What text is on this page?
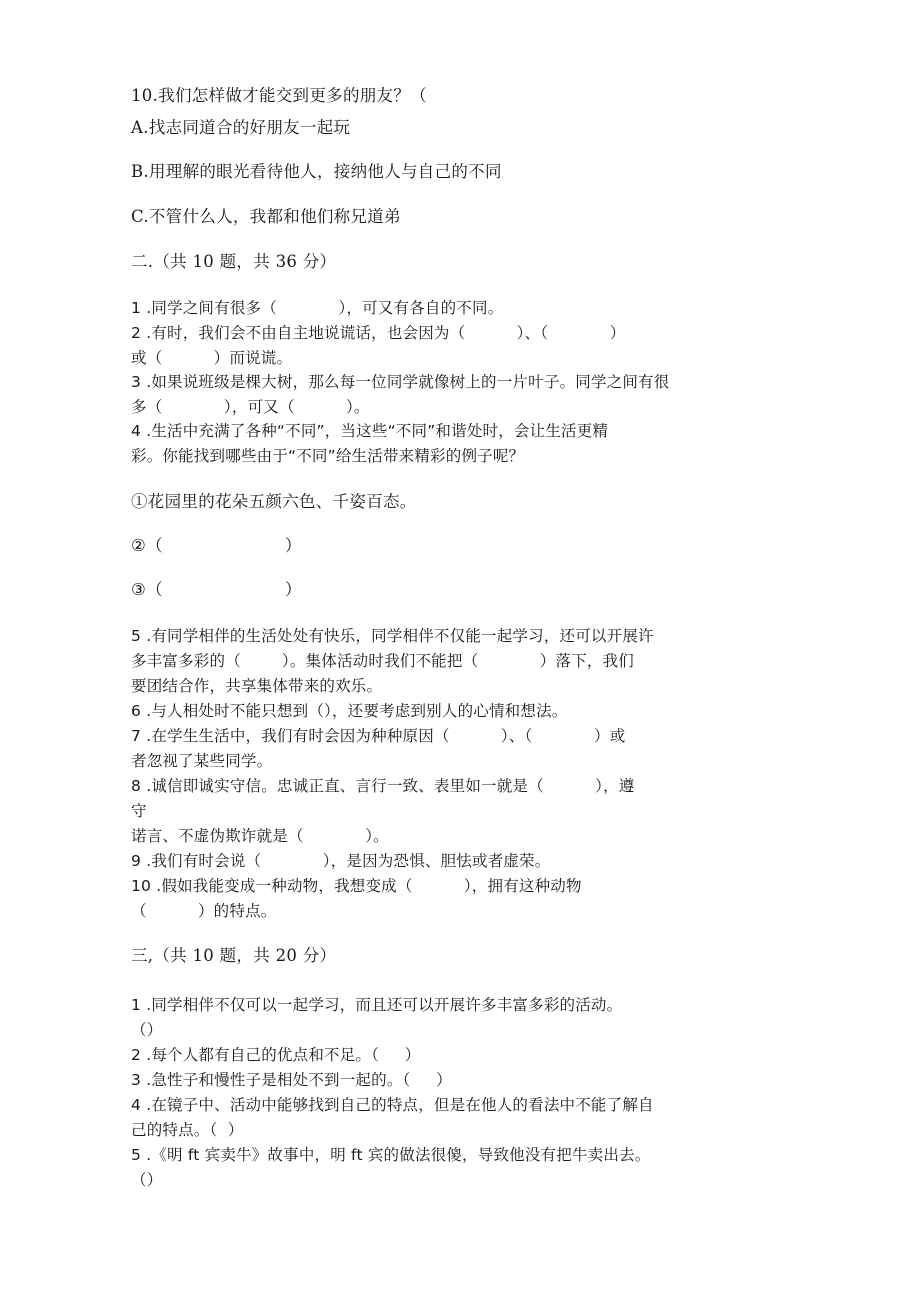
10.我们怎样做才能交到更多的朋友？（
A.找志同道合的好朋友一起玩
B.用理解的眼光看待他人，接纳他人与自己的不同
C.不管什么人，我都和他们称兄道弟
二.（共 10 题，共 36 分）
1 .同学之间有很多（            ），可又有各自的不同。
2 .有时，我们会不由自主地说谎话，也会因为（          ）、（            ）
或（          ）而说谎。
3 .如果说班级是棵大树，那么每一位同学就像树上的一片叶子。同学之间有很
多（            ），可又（          ）。
4 .生活中充满了各种“不同”，当这些“不同”和谐处时，会让生活更精
彩。你能找到哪些由于“不同”给生活带来精彩的例子呢？
①花园里的花朵五颜六色、千姿百态。
②（                      ）
③（                      ）
5 .有同学相伴的生活处处有快乐，同学相伴不仅能一起学习，还可以开展许
多丰富多彩的（        ）。集体活动时我们不能把（            ）落下，我们
要团结合作，共享集体带来的欢乐。
6 .与人相处时不能只想到（），还要考虑到别人的心情和想法。
7 .在学生生活中，我们有时会因为种种原因（          ）、（            ）或
者忽视了某些同学。
8 .诚信即诚实守信。忠诚正直、言行一致、表里如一就是（          ），遵
守
诺言、不虚伪欺诈就是（            ）。
9 .我们有时会说（            ），是因为恐惧、胆怯或者虚荣。
10 .假如我能变成一种动物，我想变成（          ），拥有这种动物
（          ）的特点。
三,（共 10 题，共 20 分）
1 .同学相伴不仅可以一起学习，而且还可以开展许多丰富多彩的活动。
（）
2 .每个人都有自己的优点和不足。（     ）
3 .急性子和慢性子是相处不到一起的。（     ）
4 .在镜子中、活动中能够找到自己的特点，但是在他人的看法中不能了解自
己的特点。（  ）
5 .《明 ft 宾卖牛》故事中，明 ft 宾的做法很傻，导致他没有把牛卖出去。
（）
